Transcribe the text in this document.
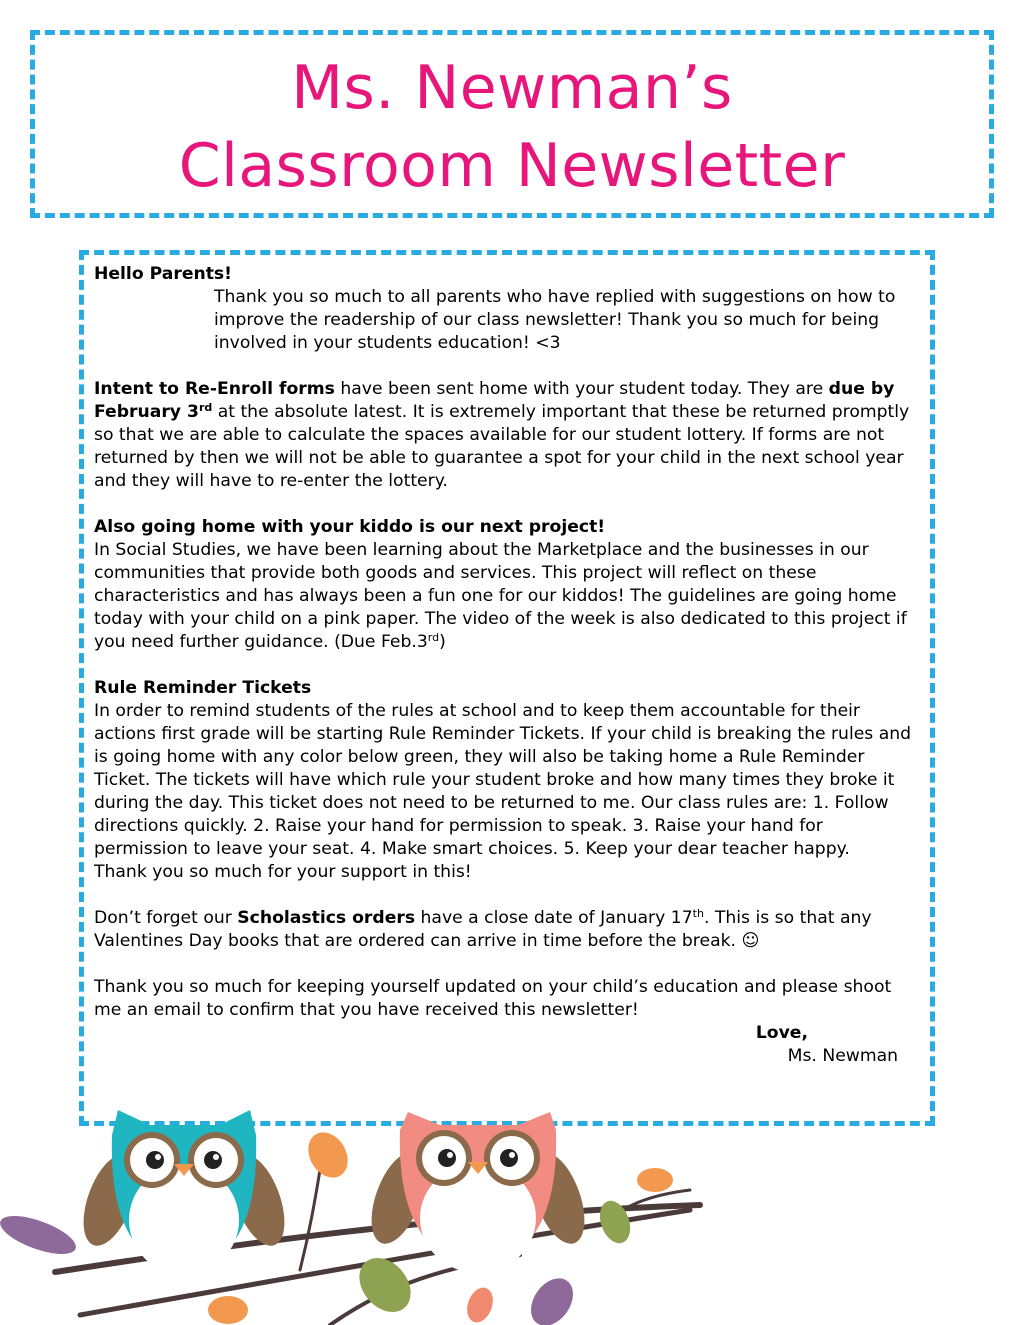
Ms. Newman’s
Classroom Newsletter

Hello Parents!

Thank you so much to all parents who have replied with suggestions on how to improve the readership of our class newsletter! Thank you so much for being involved in your students education! <3

Intent to Re-Enroll forms have been sent home with your student today. They are due by February 3rd at the absolute latest. It is extremely important that these be returned promptly so that we are able to calculate the spaces available for our student lottery. If forms are not returned by then we will not be able to guarantee a spot for your child in the next school year and they will have to re-enter the lottery.

Also going home with your kiddo is our next project!

In Social Studies, we have been learning about the Marketplace and the businesses in our communities that provide both goods and services. This project will reflect on these characteristics and has always been a fun one for our kiddos! The guidelines are going home today with your child on a pink paper. The video of the week is also dedicated to this project if you need further guidance. (Due Feb.3rd)

Rule Reminder Tickets

In order to remind students of the rules at school and to keep them accountable for their actions first grade will be starting Rule Reminder Tickets. If your child is breaking the rules and is going home with any color below green, they will also be taking home a Rule Reminder Ticket. The tickets will have which rule your student broke and how many times they broke it during the day. This ticket does not need to be returned to me. Our class rules are: 1. Follow directions quickly. 2. Raise your hand for permission to speak. 3. Raise your hand for permission to leave your seat. 4. Make smart choices. 5. Keep your dear teacher happy.

Thank you so much for your support in this!

Don’t forget our Scholastics orders have a close date of January 17th. This is so that any Valentines Day books that are ordered can arrive in time before the break. ☺

Thank you so much for keeping yourself updated on your child’s education and please shoot me an email to confirm that you have received this newsletter!

Love,

Ms. Newman
